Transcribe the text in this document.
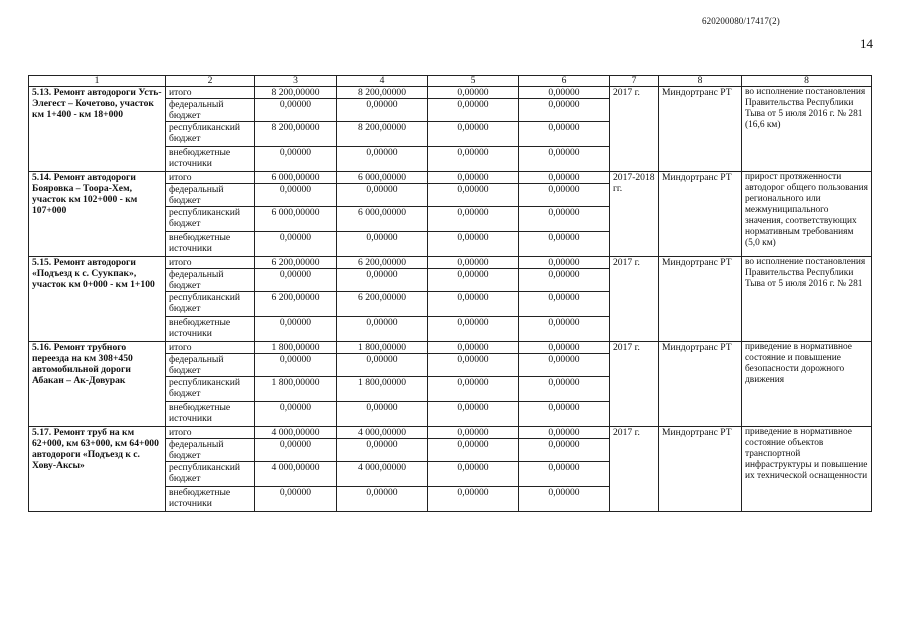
620200080/17417(2)
14
1	2	3	4	5	6	7	8	8
5.13. Ремонт автодороги Усть-Элегест – Кочетово, участок км 1+400 - км 18+000	итого	8 200,00000	8 200,00000	0,00000	0,00000	2017 г.	Миндортранс РТ	во исполнение постановления Правительства Республики Тыва от 5 июля 2016 г. № 281 (16,6 км)
	федеральный бюджет	0,00000	0,00000	0,00000	0,00000			
	республиканский бюджет	8 200,00000	8 200,00000	0,00000	0,00000			
	внебюджетные источники	0,00000	0,00000	0,00000	0,00000			
5.14. Ремонт автодороги Бояровка – Тоора-Хем, участок км 102+000 - км 107+000	итого	6 000,00000	6 000,00000	0,00000	0,00000	2017-2018 гг.	Миндортранс РТ	прирост протяженности автодорог общего пользования регионального или межмуниципального значения, соответствующих нормативным требованиям (5,0 км)
	федеральный бюджет	0,00000	0,00000	0,00000	0,00000			
	республиканский бюджет	6 000,00000	6 000,00000	0,00000	0,00000			
	внебюджетные источники	0,00000	0,00000	0,00000	0,00000			
5.15. Ремонт автодороги «Подъезд к с. Суукпак», участок км 0+000 - км 1+100	итого	6 200,00000	6 200,00000	0,00000	0,00000	2017 г.	Миндортранс РТ	во исполнение постановления Правительства Республики Тыва от 5 июля 2016 г. № 281
	федеральный бюджет	0,00000	0,00000	0,00000	0,00000			
	республиканский бюджет	6 200,00000	6 200,00000	0,00000	0,00000			
	внебюджетные источники	0,00000	0,00000	0,00000	0,00000			
5.16. Ремонт трубного переезда на км 308+450 автомобильной дороги Абакан – Ак-Довурак	итого	1 800,00000	1 800,00000	0,00000	0,00000	2017 г.	Миндортранс РТ	приведение в нормативное состояние и повышение безопасности дорожного движения
	федеральный бюджет	0,00000	0,00000	0,00000	0,00000			
	республиканский бюджет	1 800,00000	1 800,00000	0,00000	0,00000			
	внебюджетные источники	0,00000	0,00000	0,00000	0,00000			
5.17. Ремонт труб на км 62+000, км 63+000, км 64+000 автодороги «Подъезд к с. Хову-Аксы»	итого	4 000,00000	4 000,00000	0,00000	0,00000	2017 г.	Миндортранс РТ	приведение в нормативное состояние объектов транспортной инфраструктуры и повышение их технической оснащенности
	федеральный бюджет	0,00000	0,00000	0,00000	0,00000			
	республиканский бюджет	4 000,00000	4 000,00000	0,00000	0,00000			
	внебюджетные источники	0,00000	0,00000	0,00000	0,00000			
